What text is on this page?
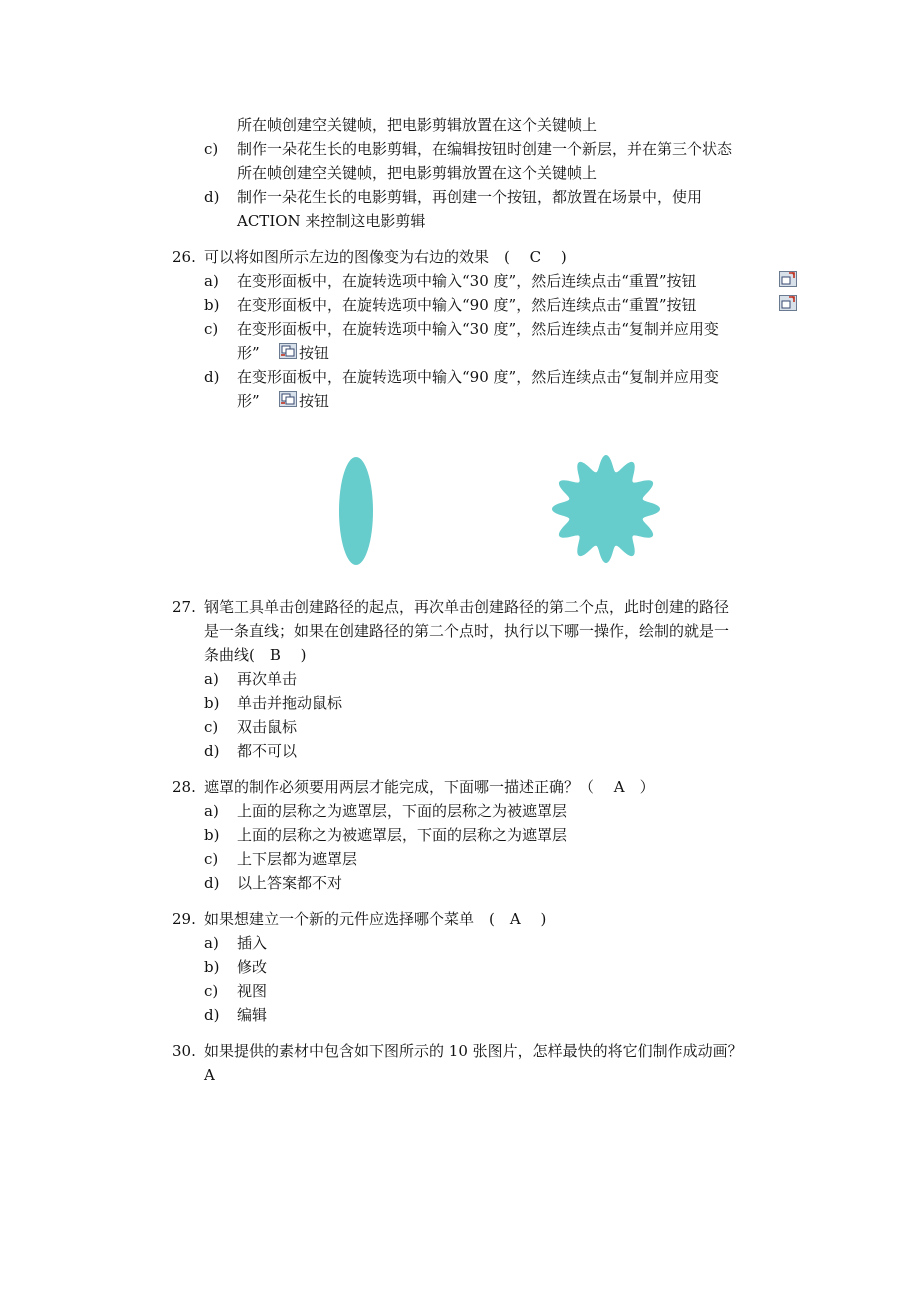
所在帧创建空关键帧，把电影剪辑放置在这个关键帧上
c) 制作一朵花生长的电影剪辑，在编辑按钮时创建一个新层，并在第三个状态
所在帧创建空关键帧，把电影剪辑放置在这个关键帧上
d) 制作一朵花生长的电影剪辑，再创建一个按钮，都放置在场景中，使用
ACTION 来控制这电影剪辑
26. 可以将如图所示左边的图像变为右边的效果　(　 C　 )
a) 在变形面板中，在旋转选项中输入“30 度”，然后连续点击“重置”按钮
b) 在变形面板中，在旋转选项中输入“90 度”，然后连续点击“重置”按钮
c) 在变形面板中，在旋转选项中输入“30 度”，然后连续点击“复制并应用变
形”	按钮
d) 在变形面板中，在旋转选项中输入“90 度”，然后连续点击“复制并应用变
形”	按钮
27. 钢笔工具单击创建路径的起点，再次单击创建路径的第二个点，此时创建的路径
是一条直线；如果在创建路径的第二个点时，执行以下哪一操作，绘制的就是一
条曲线(　B　 )
a) 再次单击
b) 单击并拖动鼠标
c) 双击鼠标
d) 都不可以
28. 遮罩的制作必须要用两层才能完成，下面哪一描述正确？（　 A　）
a) 上面的层称之为遮罩层，下面的层称之为被遮罩层
b) 上面的层称之为被遮罩层，下面的层称之为遮罩层
c) 上下层都为遮罩层
d) 以上答案都不对
29. 如果想建立一个新的元件应选择哪个菜单　(　A　 )
a) 插入
b) 修改
c) 视图
d) 编辑
30. 如果提供的素材中包含如下图所示的 10 张图片，怎样最快的将它们制作成动画？
A
